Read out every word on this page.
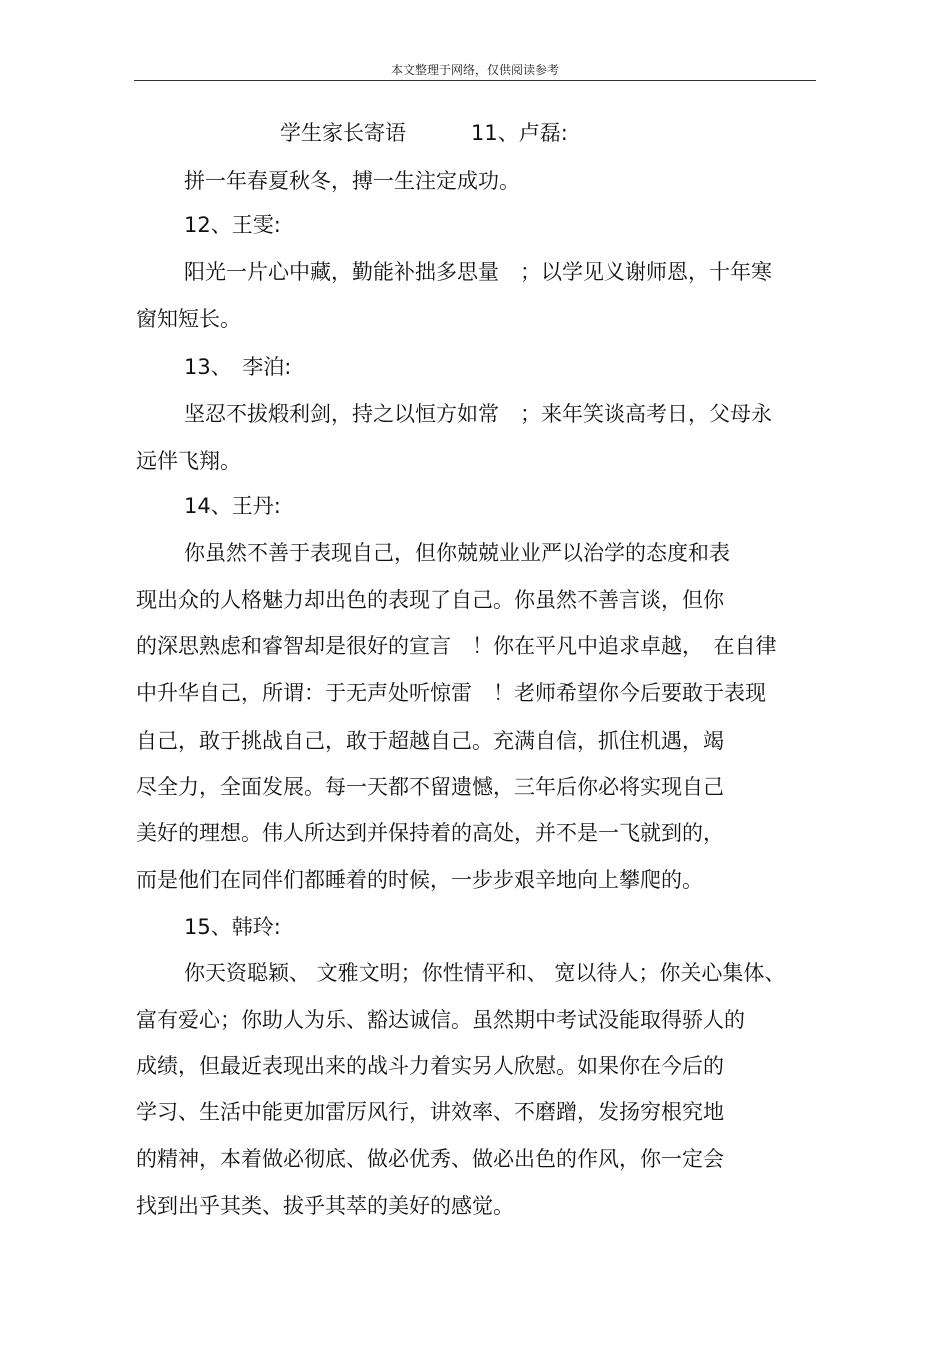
本文整理于网络，仅供阅读参考
学生家长寄语	11、卢磊:
拼一年春夏秋冬，搏一生注定成功。
12、王雯:
阳光一片心中藏，勤能补拙多思量　；以学见义谢师恩，十年寒
窗知短长。
13、　李泊:
坚忍不拔煅利剑，持之以恒方如常　；来年笑谈高考日，父母永
远伴飞翔。
14、王丹:
你虽然不善于表现自己，但你兢兢业业严以治学的态度和表
现出众的人格魅力却出色的表现了自己。你虽然不善言谈，但你
的深思熟虑和睿智却是很好的宣言　！你在平凡中追求卓越，　在自律
中升华自己，所谓：于无声处听惊雷　！老师希望你今后要敢于表现
自己，敢于挑战自己，敢于超越自己。充满自信，抓住机遇，竭
尽全力，全面发展。每一天都不留遗憾，三年后你必将实现自己
美好的理想。伟人所达到并保持着的高处，并不是一飞就到的，
而是他们在同伴们都睡着的时候，一步步艰辛地向上攀爬的。
15、韩玲:
你天资聪颖、 文雅文明；你性情平和、 宽以待人；你关心集体、
富有爱心；你助人为乐、豁达诚信。虽然期中考试没能取得骄人的
成绩，但最近表现出来的战斗力着实另人欣慰。如果你在今后的
学习、生活中能更加雷厉风行，讲效率、不磨蹭，发扬穷根究地
的精神，本着做必彻底、做必优秀、做必出色的作风，你一定会
找到出乎其类、拔乎其萃的美好的感觉。
